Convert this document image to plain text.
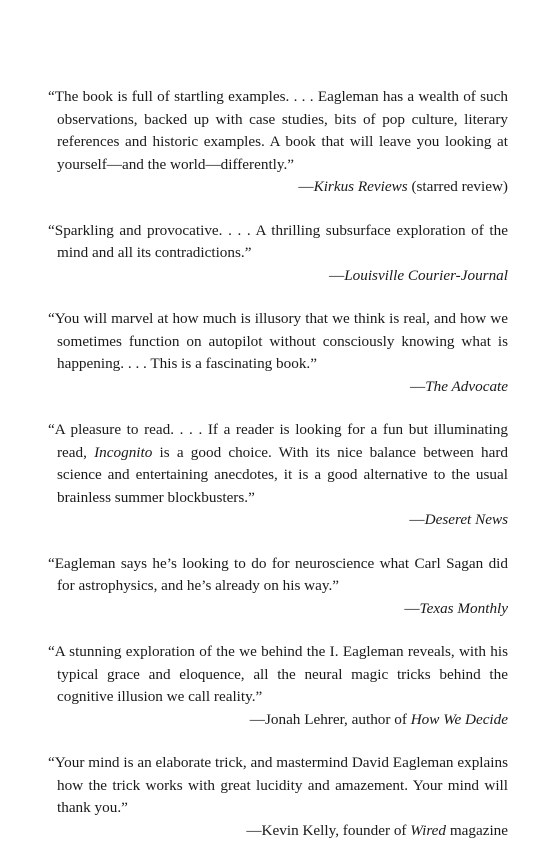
“The book is full of startling examples. . . . Eagleman has a wealth of such observations, backed up with case studies, bits of pop culture, literary references and historic examples. A book that will leave you looking at yourself—and the world—differently.”

—Kirkus Reviews (starred review)

“Sparkling and provocative. . . . A thrilling subsurface exploration of the mind and all its contradictions.”

—Louisville Courier-Journal

“You will marvel at how much is illusory that we think is real, and how we sometimes function on autopilot without consciously knowing what is happening. . . . This is a fascinating book.”

—The Advocate

“A pleasure to read. . . . If a reader is looking for a fun but illuminating read, Incognito is a good choice. With its nice balance between hard science and entertaining anecdotes, it is a good alternative to the usual brainless summer blockbusters.”

—Deseret News

“Eagleman says he’s looking to do for neuroscience what Carl Sagan did for astrophysics, and he’s already on his way.”

—Texas Monthly

“A stunning exploration of the we behind the I. Eagleman reveals, with his typical grace and eloquence, all the neural magic tricks behind the cognitive illusion we call reality.”

—Jonah Lehrer, author of How We Decide

“Your mind is an elaborate trick, and mastermind David Eagleman explains how the trick works with great lucidity and amazement. Your mind will thank you.”

—Kevin Kelly, founder of Wired magazine
